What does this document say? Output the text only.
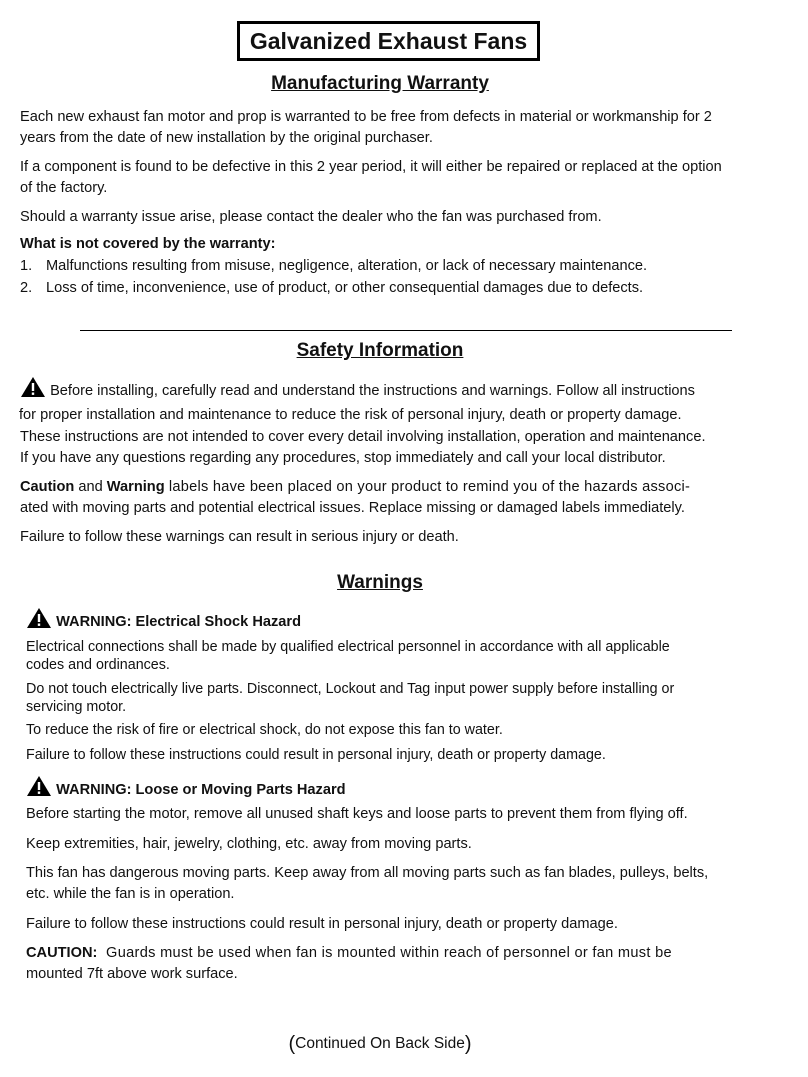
Galvanized Exhaust Fans
Manufacturing Warranty
Each new exhaust fan motor and prop is warranted to be free from defects in material or workmanship for 2
years from the date of new installation by the original purchaser.
If a component is found to be defective in this 2 year period, it will either be repaired or replaced at the option
of the factory.
Should a warranty issue arise, please contact the dealer who the fan was purchased from.
What is not covered by the warranty:
1. Malfunctions resulting from misuse, negligence, alteration, or lack of necessary maintenance.
2. Loss of time, inconvenience, use of product, or other consequential damages due to defects.
Safety Information
Before installing, carefully read and understand the instructions and warnings. Follow all instructions
for proper installation and maintenance to reduce the risk of personal injury, death or property damage.
These instructions are not intended to cover every detail involving installation, operation and maintenance.
If you have any questions regarding any procedures, stop immediately and call your local distributor.
Caution and Warning labels have been placed on your product to remind you of the hazards associ-
ated with moving parts and potential electrical issues. Replace missing or damaged labels immediately.
Failure to follow these warnings can result in serious injury or death.
Warnings
WARNING: Electrical Shock Hazard
Electrical connections shall be made by qualified electrical personnel in accordance with all applicable
codes and ordinances.
Do not touch electrically live parts. Disconnect, Lockout and Tag input power supply before installing or
servicing motor.
To reduce the risk of fire or electrical shock, do not expose this fan to water.
Failure to follow these instructions could result in personal injury, death or property damage.
WARNING: Loose or Moving Parts Hazard
Before starting the motor, remove all unused shaft keys and loose parts to prevent them from flying off.
Keep extremities, hair, jewelry, clothing, etc. away from moving parts.
This fan has dangerous moving parts. Keep away from all moving parts such as fan blades, pulleys, belts,
etc. while the fan is in operation.
Failure to follow these instructions could result in personal injury, death or property damage.
CAUTION:  Guards must be used when fan is mounted within reach of personnel or fan must be
mounted 7ft above work surface.
(Continued On Back Side)
